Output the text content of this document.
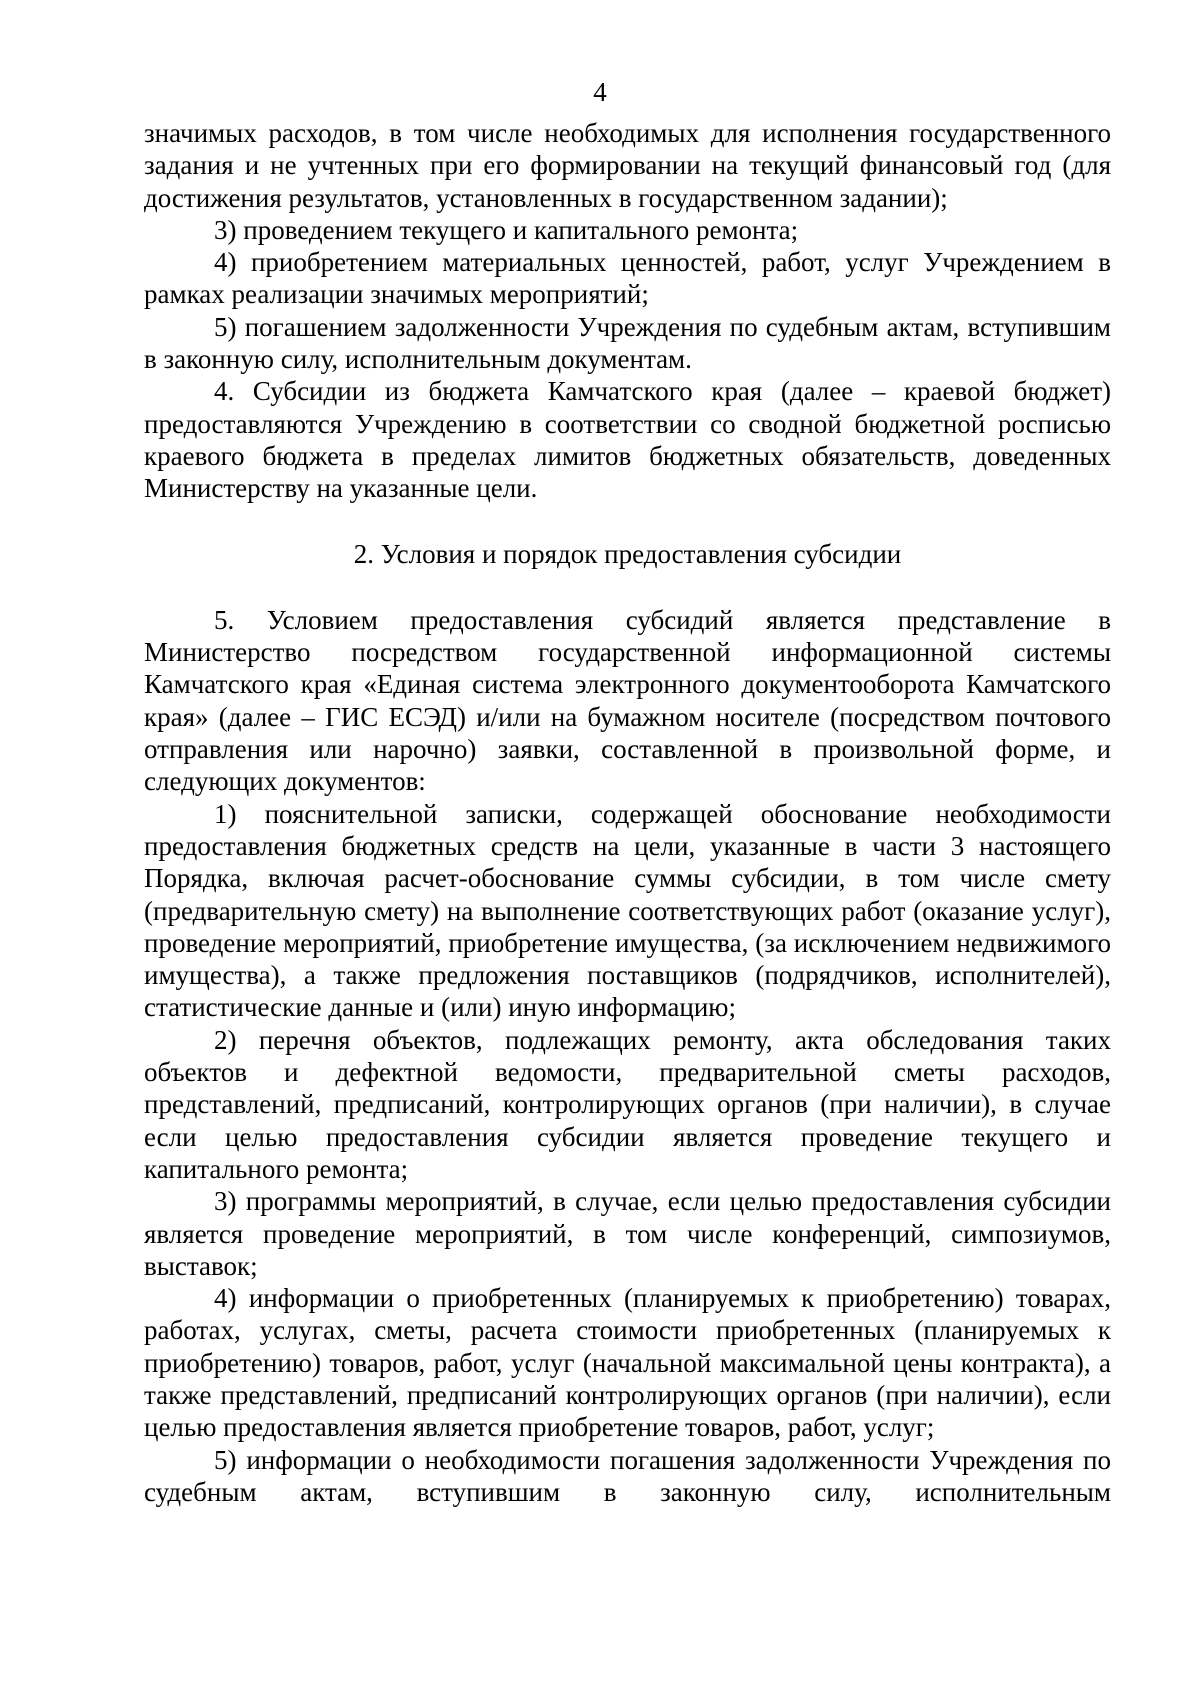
4

значимых расходов, в том числе необходимых для исполнения государственного задания и не учтенных при его формировании на текущий финансовый год (для достижения результатов, установленных в государственном задании);

3) проведением текущего и капитального ремонта;

4) приобретением материальных ценностей, работ, услуг Учреждением в рамках реализации значимых мероприятий;

5) погашением задолженности Учреждения по судебным актам, вступившим в законную силу, исполнительным документам.

4. Субсидии из бюджета Камчатского края (далее – краевой бюджет) предоставляются Учреждению в соответствии со сводной бюджетной росписью краевого бюджета в пределах лимитов бюджетных обязательств, доведенных Министерству на указанные цели.

2. Условия и порядок предоставления субсидии

5. Условием предоставления субсидий является представление в Министерство посредством государственной информационной системы Камчатского края «Единая система электронного документооборота Камчатского края» (далее – ГИС ЕСЭД) и/или на бумажном носителе (посредством почтового отправления или нарочно) заявки, составленной в произвольной форме, и следующих документов:

1) пояснительной записки, содержащей обоснование необходимости предоставления бюджетных средств на цели, указанные в части 3 настоящего Порядка, включая расчет-обоснование суммы субсидии, в том числе смету (предварительную смету) на выполнение соответствующих работ (оказание услуг), проведение мероприятий, приобретение имущества, (за исключением недвижимого имущества), а также предложения поставщиков (подрядчиков, исполнителей), статистические данные и (или) иную информацию;

2) перечня объектов, подлежащих ремонту, акта обследования таких объектов и дефектной ведомости, предварительной сметы расходов, представлений, предписаний, контролирующих органов (при наличии), в случае если целью предоставления субсидии является проведение текущего и капитального ремонта;

3) программы мероприятий, в случае, если целью предоставления субсидии является проведение мероприятий, в том числе конференций, симпозиумов, выставок;

4) информации о приобретенных (планируемых к приобретению) товарах, работах, услугах, сметы, расчета стоимости приобретенных (планируемых к приобретению) товаров, работ, услуг (начальной максимальной цены контракта), а также представлений, предписаний контролирующих органов (при наличии), если целью предоставления является приобретение товаров, работ, услуг;

5) информации о необходимости погашения задолженности Учреждения по судебным актам, вступившим в законную силу, исполнительным
